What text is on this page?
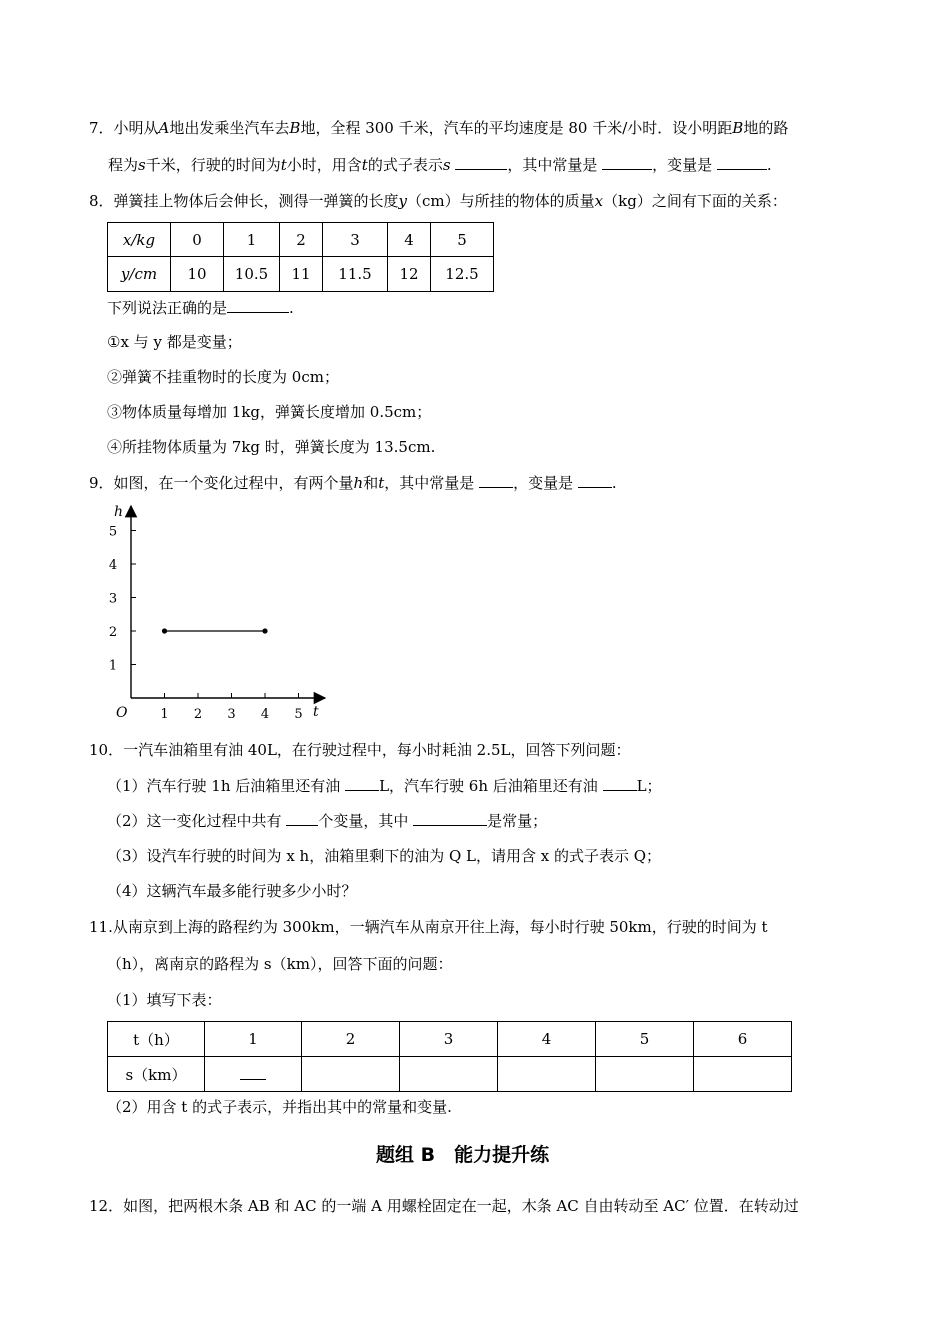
7．小明从A地出发乘坐汽车去B地，全程 300 千米，汽车的平均速度是 80 千米/小时．设小明距B地的路
程为s千米，行驶的时间为t小时，用含t的式子表示s	，其中常量是	，变量是	.
8．弹簧挂上物体后会伸长，测得一弹簧的长度y（cm）与所挂的物体的质量x（kg）之间有下面的关系：
x/kg	0	1	2	3	4	5
y/cm	10	10.5	11	11.5	12	12.5
下列说法正确的是	.
①x 与 y 都是变量；
②弹簧不挂重物时的长度为 0cm；
③物体质量每增加 1kg，弹簧长度增加 0.5cm；
④所挂物体质量为 7kg 时，弹簧长度为 13.5cm.
9．如图，在一个变化过程中，有两个量h和t，其中常量是	，变量是	.
h
t
O	1 2 3 4 5
1
2
3
4
5
10．一汽车油箱里有油 40L，在行驶过程中，每小时耗油 2.5L，回答下列问题：
（1）汽车行驶 1h 后油箱里还有油	L，汽车行驶 6h 后油箱里还有油	L；
（2）这一变化过程中共有 个变量，其中	是常量；
（3）设汽车行驶的时间为 x h，油箱里剩下的油为 Q L，请用含 x 的式子表示 Q；
（4）这辆汽车最多能行驶多少小时？
11.从南京到上海的路程约为 300km，一辆汽车从南京开往上海，每小时行驶 50km，行驶的时间为 t
（h），离南京的路程为 s（km），回答下面的问题：
（1）填写下表：
t（h）	1	2	3	4	5	6
s（km）						
（2）用含 t 的式子表示，并指出其中的常量和变量.
题组 B　能力提升练
12．如图，把两根木条 AB 和 AC 的一端 A 用螺栓固定在一起，木条 AC 自由转动至 AC′ 位置．在转动过
